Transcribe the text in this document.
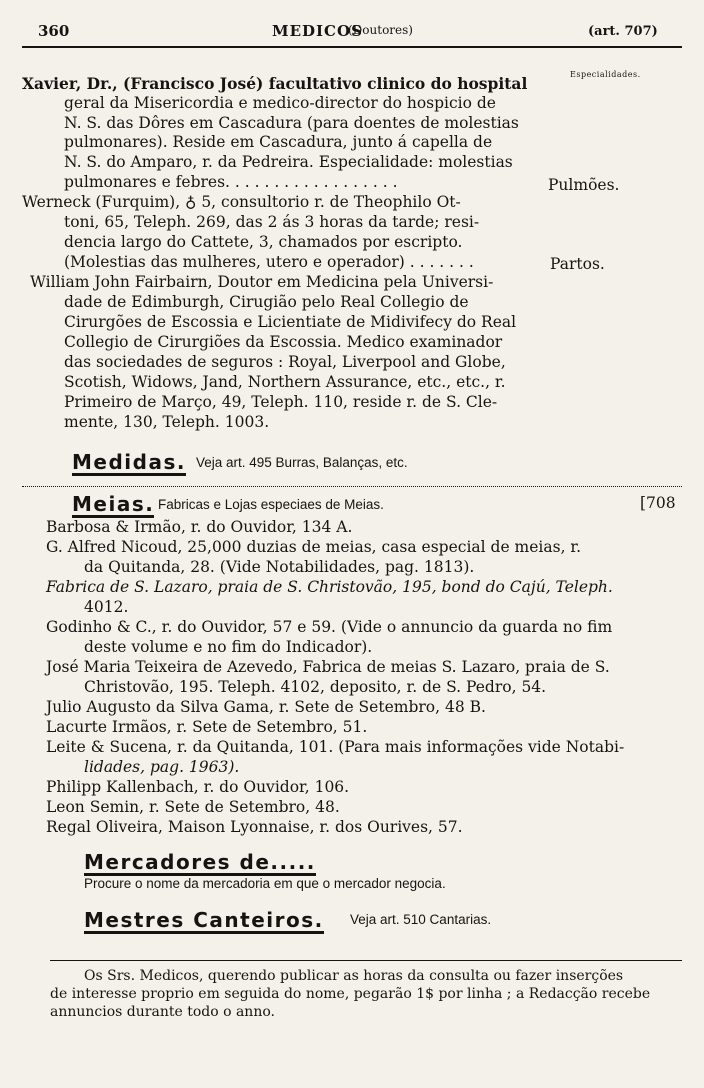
360	MEDICOS
(Doutores)	(art. 707)
Especialidades.
Xavier, Dr., (Francisco José) facultativo clinico do hospital
geral da Misericordia e medico-director do hospicio de
N. S. das Dôres em Cascadura (para doentes de molestias
pulmonares). Reside em Cascadura, junto á capella de
N. S. do Amparo, r. da Pedreira. Especialidade: molestias
pulmonares e febres. . . . . . . . . . . . . . . . . .	Pulmões.
Werneck (Furquim), ♁ 5, consultorio r. de Theophilo Ot-
toni, 65, Teleph. 269, das 2 ás 3 horas da tarde; resi-
dencia largo do Cattete, 3, chamados por escripto.
(Molestias das mulheres, utero e operador) . . . . . . .	Partos.
William John Fairbairn, Doutor em Medicina pela Universi-
dade de Edimburgh, Cirugião pelo Real Collegio de
Cirurgões de Escossia e Licientiate de Midivifecy do Real
Collegio de Cirurgiões da Escossia. Medico examinador
das sociedades de seguros : Royal, Liverpool and Globe,
Scotish, Widows, Jand, Northern Assurance, etc., etc., r.
Primeiro de Março, 49, Teleph. 110, reside r. de S. Cle-
mente, 130, Teleph. 1003.
Medidas. Veja art. 495 Burras, Balanças, etc.
Meias. Fabricas e Lojas especiaes de Meias.	[708
Barbosa & Irmão, r. do Ouvidor, 134 A.
G. Alfred Nicoud, 25,000 duzias de meias, casa especial de meias, r.
da Quitanda, 28. (Vide Notabilidades, pag. 1813).
Fabrica de S. Lazaro, praia de S. Christovão, 195, bond do Cajú, Teleph.
4012.
Godinho & C., r. do Ouvidor, 57 e 59. (Vide o annuncio da guarda no fim
deste volume e no fim do Indicador).
José Maria Teixeira de Azevedo, Fabrica de meias S. Lazaro, praia de S.
Christovão, 195. Teleph. 4102, deposito, r. de S. Pedro, 54.
Julio Augusto da Silva Gama, r. Sete de Setembro, 48 B.
Lacurte Irmãos, r. Sete de Setembro, 51.
Leite & Sucena, r. da Quitanda, 101. (Para mais informações vide Notabi-
lidades, pag. 1963).
Philipp Kallenbach, r. do Ouvidor, 106.
Leon Semin, r. Sete de Setembro, 48.
Regal Oliveira, Maison Lyonnaise, r. dos Ourives, 57.
Mercadores de.....
Procure o nome da mercadoria em que o mercador negocia.
Mestres Canteiros. Veja art. 510 Cantarias.
Os Srs. Medicos, querendo publicar as horas da consulta ou fazer inserções
de interesse proprio em seguida do nome, pegarão 1$ por linha ; a Redacção recebe
annuncios durante todo o anno.
